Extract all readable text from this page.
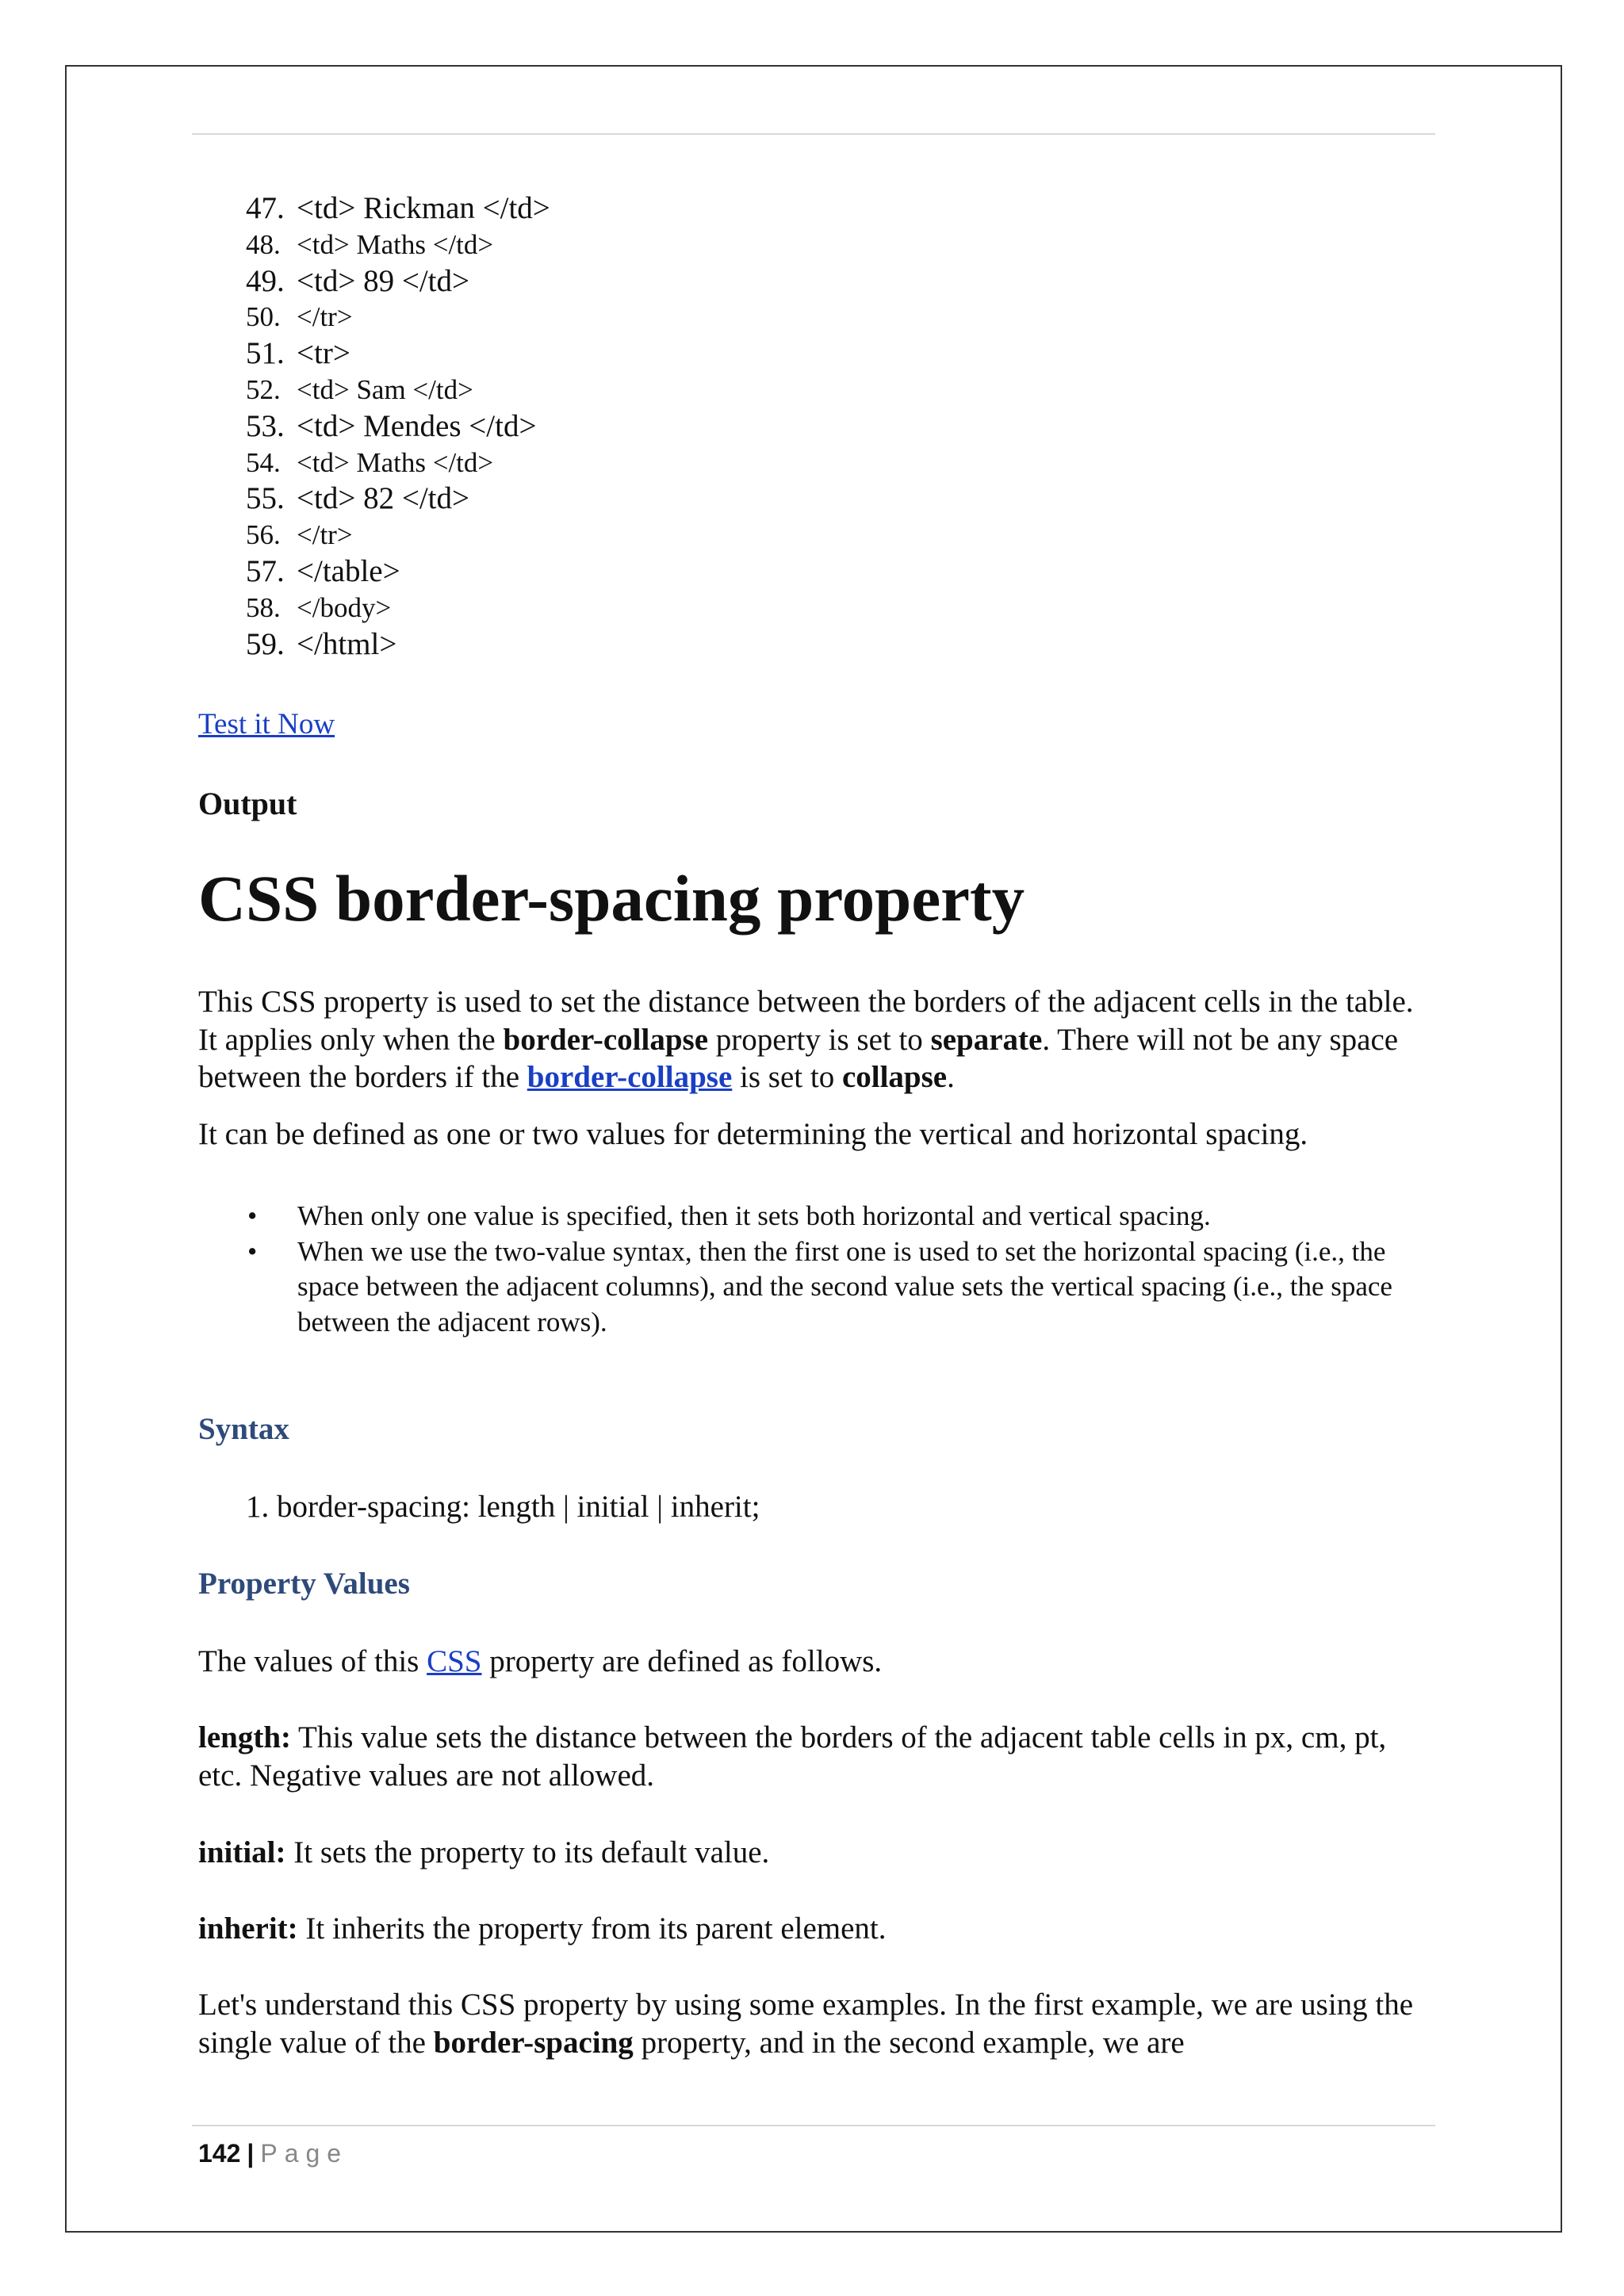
47. <td> Rickman </td>
48. <td> Maths </td>
49. <td> 89 </td>
50. </tr>
51. <tr>
52. <td> Sam </td>
53. <td> Mendes </td>
54. <td> Maths </td>
55. <td> 82 </td>
56. </tr>
57. </table>
58. </body>
59. </html>
Test it Now
Output
CSS border-spacing property

This CSS property is used to set the distance between the borders of the adjacent cells in the table. It applies only when the border-collapse property is set to separate. There will not be any space between the borders if the border-collapse is set to collapse.

It can be defined as one or two values for determining the vertical and horizontal spacing.

• When only one value is specified, then it sets both horizontal and vertical spacing.
• When we use the two-value syntax, then the first one is used to set the horizontal spacing (i.e., the space between the adjacent columns), and the second value sets the vertical spacing (i.e., the space between the adjacent rows).
Syntax
1. border-spacing: length | initial | inherit;
Property Values

The values of this CSS property are defined as follows.

length: This value sets the distance between the borders of the adjacent table cells in px, cm, pt, etc. Negative values are not allowed.

initial: It sets the property to its default value.

inherit: It inherits the property from its parent element.

Let's understand this CSS property by using some examples. In the first example, we are using the single value of the border-spacing property, and in the second example, we are

142 | Page
